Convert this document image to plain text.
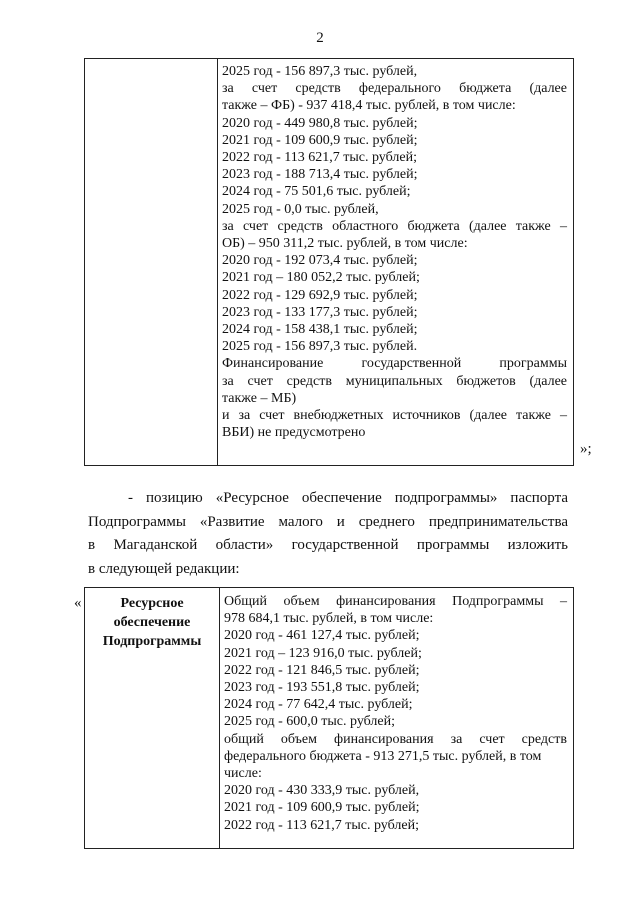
2

2025 год - 156 897,3 тыс. рублей,
за счет средств федерального бюджета (далее
также – ФБ) - 937 418,4 тыс. рублей, в том числе:
2020 год - 449 980,8 тыс. рублей;
2021 год - 109 600,9 тыс. рублей;
2022 год - 113 621,7 тыс. рублей;
2023 год - 188 713,4 тыс. рублей;
2024 год - 75 501,6 тыс. рублей;
2025 год - 0,0 тыс. рублей,
за счет средств областного бюджета (далее также –
ОБ) – 950 311,2 тыс. рублей, в том числе:
2020 год - 192 073,4 тыс. рублей;
2021 год – 180 052,2 тыс. рублей;
2022 год - 129 692,9 тыс. рублей;
2023 год - 133 177,3 тыс. рублей;
2024 год - 158 438,1 тыс. рублей;
2025 год - 156 897,3 тыс. рублей.
Финансирование государственной программы
за счет средств муниципальных бюджетов (далее
также – МБ)
и за счет внебюджетных источников (далее также –
ВБИ) не предусмотрено
»;
- позицию «Ресурсное обеспечение подпрограммы» паспорта
Подпрограммы «Развитие малого и среднего предпринимательства
в Магаданской области» государственной программы изложить
в следующей редакции:
«	Ресурсное
обеспечение
Подпрограммы

Общий объем финансирования Подпрограммы –
978 684,1 тыс. рублей, в том числе:
2020 год - 461 127,4 тыс. рублей;
2021 год – 123 916,0 тыс. рублей;
2022 год - 121 846,5 тыс. рублей;
2023 год - 193 551,8 тыс. рублей;
2024 год - 77 642,4 тыс. рублей;
2025 год - 600,0 тыс. рублей;
общий объем финансирования за счет средств
федерального бюджета - 913 271,5 тыс. рублей, в том
числе:
2020 год - 430 333,9 тыс. рублей,
2021 год - 109 600,9 тыс. рублей;
2022 год - 113 621,7 тыс. рублей;
